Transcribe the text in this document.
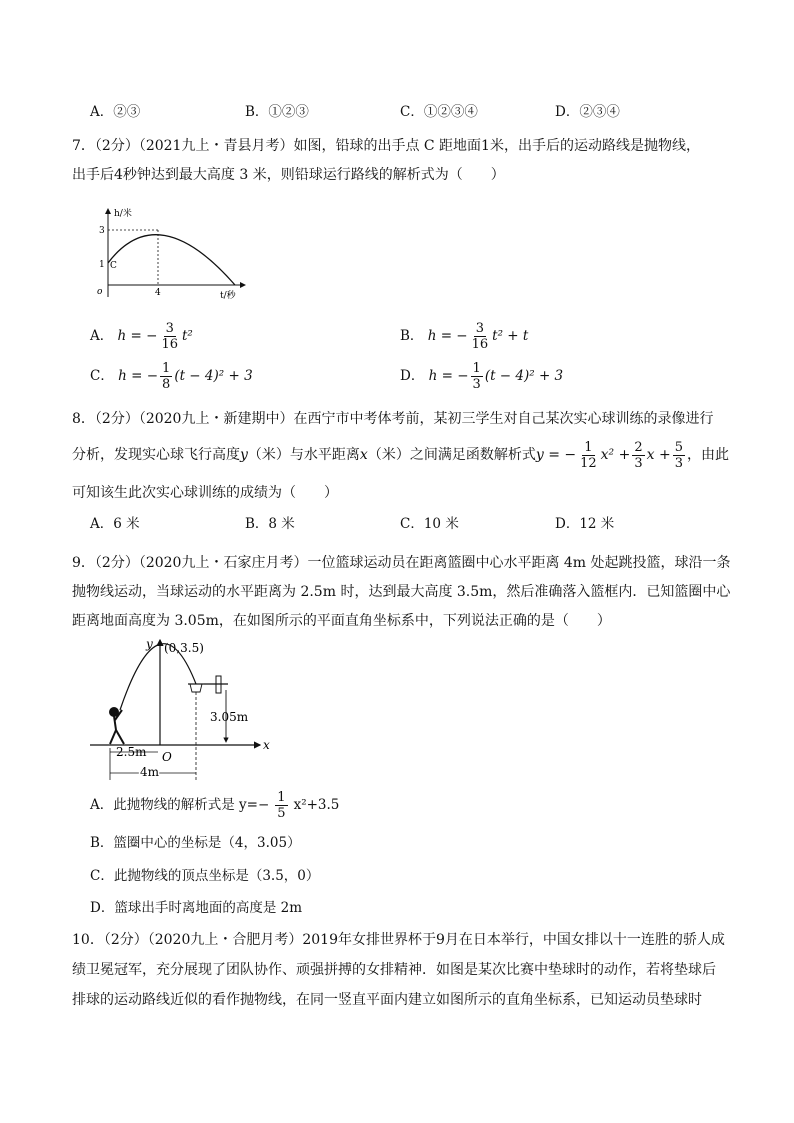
A．②③	B．①②③	C．①②③④	D．②③④
7．（2分）（2021九上・青县月考）如图，铅球的出手点 C 距地面1米，出手后的运动路线是抛物线，
出手后4秒钟达到最大高度 3 米，则铅球运行路线的解析式为（　　）
h/米
3
1 C
o	4	t/秒
A． h = − $\frac{3}{16} t^2$	B． h = − $\frac{3}{16} t^2 + t$
C． h = − $\frac{1}{8} (t - 4)^2 + 3$	D． h = − $\frac{1}{3} (t - 4)^2 + 3$
8．（2分）（2020九上・新建期中）在西宁市中考体考前，某初三学生对自己某次实心球训练的录像进行
分析，发现实心球飞行高度 y （米）与水平距离 x （米）之间满足函数解析式 y = − $\frac{1}{12} x^2 + \frac{2}{3}$ $x + \frac{5}{3}$ ，由此
可知该生此次实心球训练的成绩为（　　）
A．6 米	B．8 米	C．10 米	D．12 米
9．（2分）（2020九上・石家庄月考）一位篮球运动员在距离篮圈中心水平距离 4m 处起跳投篮，球沿一条
抛物线运动，当球运动的水平距离为 2.5m 时，达到最大高度 3.5m，然后准确落入篮框内．已知篮圈中心
距离地面高度为 3.05m，在如图所示的平面直角坐标系中，下列说法正确的是（　　）
x
y (0,3.5)
3.05m
2.5m O
4m
A．此抛物线的解析式是 $y=- \frac{1}{5} x^2+3.5$
B．篮圈中心的坐标是（4，3.05）
C．此抛物线的顶点坐标是（3.5，0）
D．篮球出手时离地面的高度是 2m
10．（2分）（2020九上・合肥月考）2019年女排世界杯于9月在日本举行，中国女排以十一连胜的骄人成
绩卫冕冠军，充分展现了团队协作、顽强拼搏的女排精神．如图是某次比赛中垫球时的动作，若将垫球后
排球的运动路线近似的看作抛物线，在同一竖直平面内建立如图所示的直角坐标系，已知运动员垫球时
